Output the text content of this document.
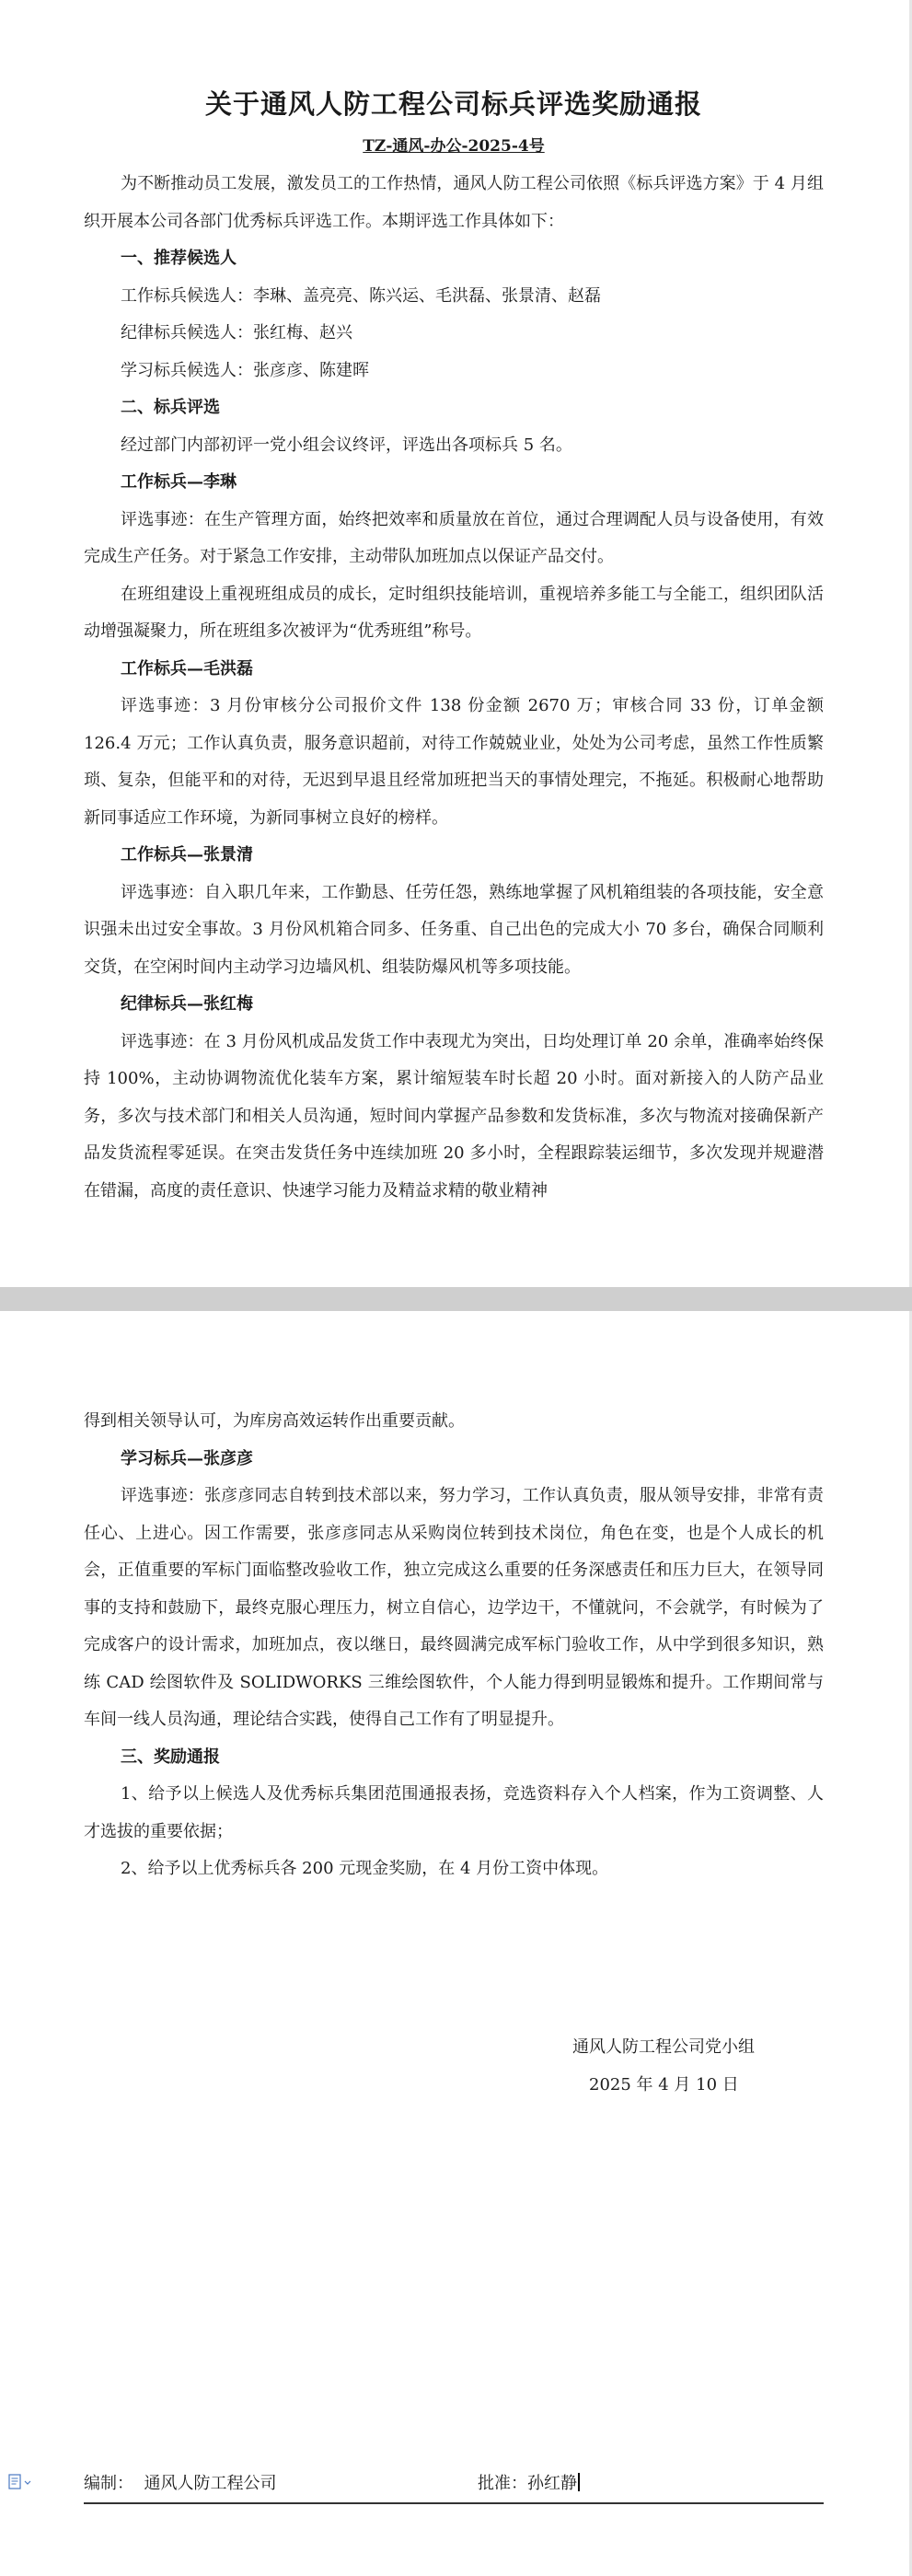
关于通风人防工程公司标兵评选奖励通报
TZ-通风-办公-2025-4号

为不断推动员工发展，激发员工的工作热情，通风人防工程公司依照《标兵评选方案》于 4 月组织开展本公司各部门优秀标兵评选工作。本期评选工作具体如下：

一、推荐候选人

工作标兵候选人：李琳、盖亮亮、陈兴运、毛洪磊、张景清、赵磊

纪律标兵候选人：张红梅、赵兴

学习标兵候选人：张彦彦、陈建晖

二、标兵评选

经过部门内部初评一党小组会议终评，评选出各项标兵 5 名。

工作标兵—李琳

评选事迹：在生产管理方面，始终把效率和质量放在首位，通过合理调配人员与设备使用，有效完成生产任务。对于紧急工作安排，主动带队加班加点以保证产品交付。

在班组建设上重视班组成员的成长，定时组织技能培训，重视培养多能工与全能工，组织团队活动增强凝聚力，所在班组多次被评为“优秀班组”称号。

工作标兵—毛洪磊

评选事迹：3 月份审核分公司报价文件 138 份金额 2670 万；审核合同 33 份，订单金额 126.4 万元；工作认真负责，服务意识超前，对待工作兢兢业业，处处为公司考虑，虽然工作性质繁琐、复杂，但能平和的对待，无迟到早退且经常加班把当天的事情处理完，不拖延。积极耐心地帮助新同事适应工作环境，为新同事树立良好的榜样。

工作标兵—张景清

评选事迹：自入职几年来，工作勤恳、任劳任怨，熟练地掌握了风机箱组装的各项技能，安全意识强未出过安全事故。3 月份风机箱合同多、任务重、自己出色的完成大小 70 多台，确保合同顺利交货，在空闲时间内主动学习边墙风机、组装防爆风机等多项技能。

纪律标兵—张红梅

评选事迹：在 3 月份风机成品发货工作中表现尤为突出，日均处理订单 20 余单，准确率始终保持 100%，主动协调物流优化装车方案，累计缩短装车时长超 20 小时。面对新接入的人防产品业务，多次与技术部门和相关人员沟通，短时间内掌握产品参数和发货标准，多次与物流对接确保新产品发货流程零延误。在突击发货任务中连续加班 20 多小时，全程跟踪装运细节，多次发现并规避潜在错漏，高度的责任意识、快速学习能力及精益求精的敬业精神

得到相关领导认可，为库房高效运转作出重要贡献。

学习标兵—张彦彦

评选事迹：张彦彦同志自转到技术部以来，努力学习，工作认真负责，服从领导安排，非常有责任心、上进心。因工作需要，张彦彦同志从采购岗位转到技术岗位，角色在变，也是个人成长的机会，正值重要的军标门面临整改验收工作，独立完成这么重要的任务深感责任和压力巨大，在领导同事的支持和鼓励下，最终克服心理压力，树立自信心，边学边干，不懂就问，不会就学，有时候为了完成客户的设计需求，加班加点，夜以继日，最终圆满完成军标门验收工作，从中学到很多知识，熟练 CAD 绘图软件及 SOLIDWORKS 三维绘图软件，个人能力得到明显锻炼和提升。工作期间常与车间一线人员沟通，理论结合实践，使得自己工作有了明显提升。

三、奖励通报

1、给予以上候选人及优秀标兵集团范围通报表扬，竞选资料存入个人档案，作为工资调整、人才选拔的重要依据；

2、给予以上优秀标兵各 200 元现金奖励，在 4 月份工资中体现。

通风人防工程公司党小组
2025 年 4 月 10 日
编制： 通风人防工程公司	批准：孙红静
